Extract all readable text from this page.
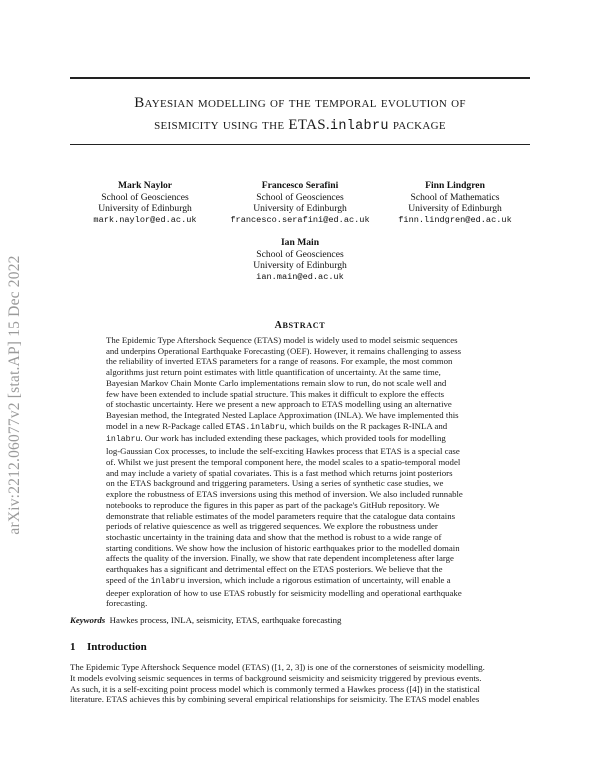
arXiv:2212.06077v2 [stat.AP] 15 Dec 2022
Bayesian modelling of the temporal evolution of
seismicity using the ETAS.inlabru package
Mark Naylor
School of Geosciences
University of Edinburgh
mark.naylor@ed.ac.uk
Francesco Serafini
School of Geosciences
University of Edinburgh
francesco.serafini@ed.ac.uk
Finn Lindgren
School of Mathematics
University of Edinburgh
finn.lindgren@ed.ac.uk
Ian Main
School of Geosciences
University of Edinburgh
ian.main@ed.ac.uk
ABSTRACT
The Epidemic Type Aftershock Sequence (ETAS) model is widely used to model seismic sequences
and underpins Operational Earthquake Forecasting (OEF). However, it remains challenging to assess
the reliability of inverted ETAS parameters for a range of reasons. For example, the most common
algorithms just return point estimates with little quantification of uncertainty. At the same time,
Bayesian Markov Chain Monte Carlo implementations remain slow to run, do not scale well and
few have been extended to include spatial structure. This makes it difficult to explore the effects
of stochastic uncertainty. Here we present a new approach to ETAS modelling using an alternative
Bayesian method, the Integrated Nested Laplace Approximation (INLA). We have implemented this
model in a new R-Package called ETAS.inlabru, which builds on the R packages R-INLA and
inlabru. Our work has included extending these packages, which provided tools for modelling
log-Gaussian Cox processes, to include the self-exciting Hawkes process that ETAS is a special case
of. Whilst we just present the temporal component here, the model scales to a spatio-temporal model
and may include a variety of spatial covariates. This is a fast method which returns joint posteriors
on the ETAS background and triggering parameters. Using a series of synthetic case studies, we
explore the robustness of ETAS inversions using this method of inversion. We also included runnable
notebooks to reproduce the figures in this paper as part of the package's GitHub repository. We
demonstrate that reliable estimates of the model parameters require that the catalogue data contains
periods of relative quiescence as well as triggered sequences. We explore the robustness under
stochastic uncertainty in the training data and show that the method is robust to a wide range of
starting conditions. We show how the inclusion of historic earthquakes prior to the modelled domain
affects the quality of the inversion. Finally, we show that rate dependent incompleteness after large
earthquakes has a significant and detrimental effect on the ETAS posteriors. We believe that the
speed of the inlabru inversion, which include a rigorous estimation of uncertainty, will enable a
deeper exploration of how to use ETAS robustly for seismicity modelling and operational earthquake
forecasting.
Keywords Hawkes process, INLA, seismicity, ETAS, earthquake forecasting
1 Introduction
The Epidemic Type Aftershock Sequence model (ETAS) ([1, 2, 3]) is one of the cornerstones of seismicity modelling.
It models evolving seismic sequences in terms of background seismicity and seismicity triggered by previous events.
As such, it is a self-exciting point process model which is commonly termed a Hawkes process ([4]) in the statistical
literature. ETAS achieves this by combining several empirical relationships for seismicity. The ETAS model enables
